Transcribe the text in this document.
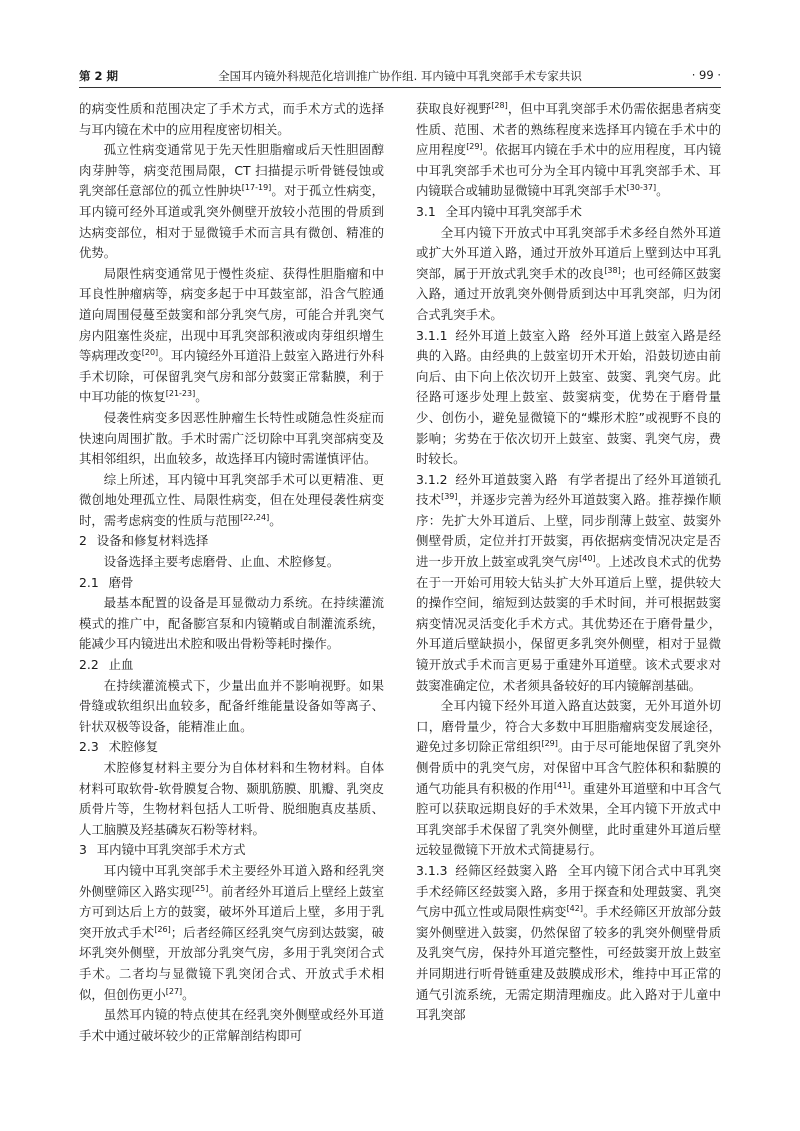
第 2 期	全国耳内镜外科规范化培训推广协作组. 耳内镜中耳乳突部手术专家共识	· 99 ·

的病变性质和范围决定了手术方式，而手术方式的选择与耳内镜在术中的应用程度密切相关。

孤立性病变通常见于先天性胆脂瘤或后天性胆固醇肉芽肿等，病变范围局限，CT 扫描提示听骨链侵蚀或乳突部任意部位的孤立性肿块[17-19]。对于孤立性病变，耳内镜可经外耳道或乳突外侧壁开放较小范围的骨质到达病变部位，相对于显微镜手术而言具有微创、精准的优势。

局限性病变通常见于慢性炎症、获得性胆脂瘤和中耳良性肿瘤病等，病变多起于中耳鼓室部，沿含气腔通道向周围侵蔓至鼓窦和部分乳突气房，可能合并乳突气房内阻塞性炎症，出现中耳乳突部积液或肉芽组织增生等病理改变[20]。耳内镜经外耳道沿上鼓室入路进行外科手术切除，可保留乳突气房和部分鼓窦正常黏膜，利于中耳功能的恢复[21-23]。

侵袭性病变多因恶性肿瘤生长特性或随急性炎症而快速向周围扩散。手术时需广泛切除中耳乳突部病变及其相邻组织，出血较多，故选择耳内镜时需谨慎评估。

综上所述，耳内镜中耳乳突部手术可以更精准、更微创地处理孤立性、局限性病变，但在处理侵袭性病变时，需考虑病变的性质与范围[22,24]。

2 设备和修复材料选择

设备选择主要考虑磨骨、止血、术腔修复。

2.1 磨骨

最基本配置的设备是耳显微动力系统。在持续灌流模式的推广中，配备膨宫泵和内镜鞘或自制灌流系统，能减少耳内镜进出术腔和吸出骨粉等耗时操作。

2.2 止血

在持续灌流模式下，少量出血并不影响视野。如果骨缝或软组织出血较多，配备纤维能量设备如等离子、针状双极等设备，能精准止血。

2.3 术腔修复

术腔修复材料主要分为自体材料和生物材料。自体材料可取软骨-软骨膜复合物、颞肌筋膜、肌瓣、乳突皮质骨片等，生物材料包括人工听骨、脱细胞真皮基质、人工脑膜及羟基磷灰石粉等材料。

3 耳内镜中耳乳突部手术方式

耳内镜中耳乳突部手术主要经外耳道入路和经乳突外侧壁筛区入路实现[25]。前者经外耳道后上壁经上鼓室方可到达后上方的鼓窦，破坏外耳道后上壁，多用于乳突开放式手术[26]；后者经筛区经乳突气房到达鼓窦，破坏乳突外侧壁，开放部分乳突气房，多用于乳突闭合式手术。二者均与显微镜下乳突闭合式、开放式手术相似，但创伤更小[27]。

虽然耳内镜的特点使其在经乳突外侧壁或经外耳道手术中通过破坏较少的正常解剖结构即可

获取良好视野[28]，但中耳乳突部手术仍需依据患者病变性质、范围、术者的熟练程度来选择耳内镜在手术中的应用程度[29]。依据耳内镜在手术中的应用程度，耳内镜中耳乳突部手术也可分为全耳内镜中耳乳突部手术、耳内镜联合或辅助显微镜中耳乳突部手术[30-37]。

3.1 全耳内镜中耳乳突部手术

全耳内镜下开放式中耳乳突部手术多经自然外耳道或扩大外耳道入路，通过开放外耳道后上壁到达中耳乳突部，属于开放式乳突手术的改良[38]；也可经筛区鼓窦入路，通过开放乳突外侧骨质到达中耳乳突部，归为闭合式乳突手术。

3.1.1 经外耳道上鼓室入路 经外耳道上鼓室入路是经典的入路。由经典的上鼓室切开术开始，沿鼓切迹由前向后、由下向上依次切开上鼓室、鼓窦、乳突气房。此径路可逐步处理上鼓室、鼓窦病变，优势在于磨骨量少、创伤小，避免显微镜下的“蝶形术腔”或视野不良的影响；劣势在于依次切开上鼓室、鼓窦、乳突气房，费时较长。

3.1.2 经外耳道鼓窦入路 有学者提出了经外耳道锁孔技术[39]，并逐步完善为经外耳道鼓窦入路。推荐操作顺序：先扩大外耳道后、上壁，同步削薄上鼓室、鼓窦外侧壁骨质，定位并打开鼓窦，再依据病变情况决定是否进一步开放上鼓室或乳突气房[40]。上述改良术式的优势在于一开始可用较大钻头扩大外耳道后上壁，提供较大的操作空间，缩短到达鼓窦的手术时间，并可根据鼓窦病变情况灵活变化手术方式。其优势还在于磨骨量少，外耳道后壁缺损小，保留更多乳突外侧壁，相对于显微镜开放式手术而言更易于重建外耳道壁。该术式要求对鼓窦准确定位，术者须具备较好的耳内镜解剖基础。

全耳内镜下经外耳道入路直达鼓窦，无外耳道外切口，磨骨量少，符合大多数中耳胆脂瘤病变发展途径，避免过多切除正常组织[29]。由于尽可能地保留了乳突外侧骨质中的乳突气房，对保留中耳含气腔体积和黏膜的通气功能具有积极的作用[41]。重建外耳道壁和中耳含气腔可以获取远期良好的手术效果，全耳内镜下开放式中耳乳突部手术保留了乳突外侧壁，此时重建外耳道后壁远较显微镜下开放术式简捷易行。

3.1.3 经筛区经鼓窦入路 全耳内镜下闭合式中耳乳突手术经筛区经鼓窦入路，多用于探查和处理鼓窦、乳突气房中孤立性或局限性病变[42]。手术经筛区开放部分鼓窦外侧壁进入鼓窦，仍然保留了较多的乳突外侧壁骨质及乳突气房，保持外耳道完整性，可经鼓窦开放上鼓室并同期进行听骨链重建及鼓膜成形术，维持中耳正常的通气引流系统，无需定期清理痂皮。此入路对于儿童中耳乳突部
